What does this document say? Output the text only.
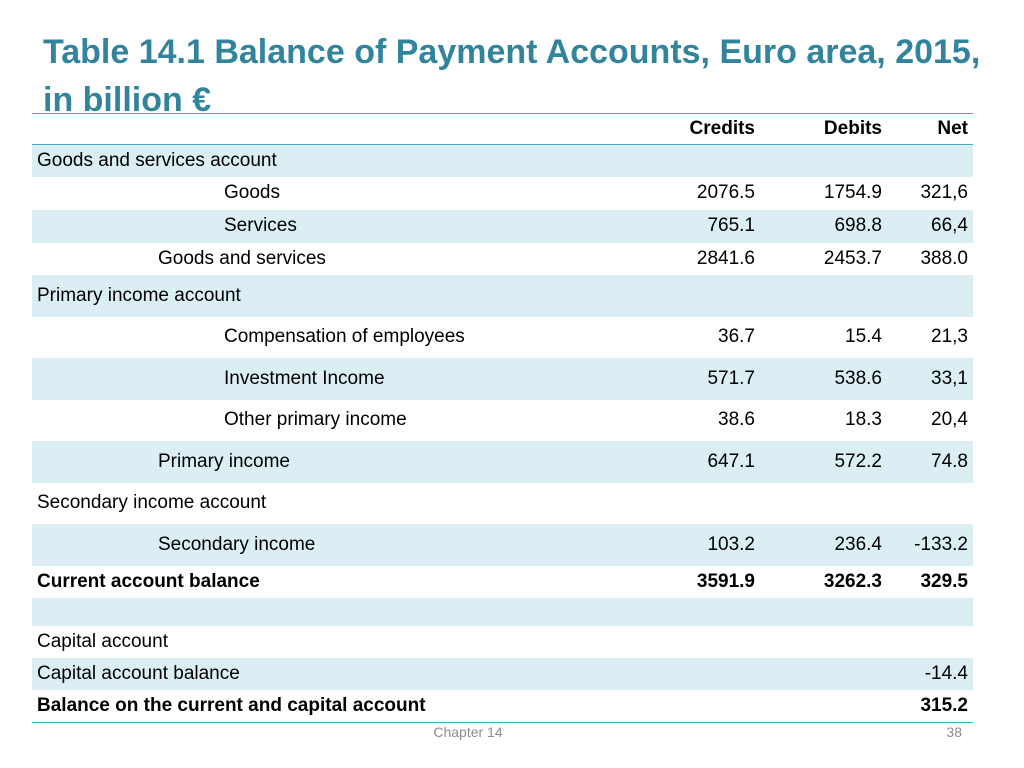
Table 14.1 Balance of Payment Accounts, Euro area, 2015, in billion €
	Credits	Debits	Net
Goods and services account			
Goods	2076.5	1754.9	321,6
Services	765.1	698.8	66,4
Goods and services	2841.6	2453.7	388.0
Primary income account			
Compensation of employees	36.7	15.4	21,3
Investment Income	571.7	538.6	33,1
Other primary income	38.6	18.3	20,4
Primary income	647.1	572.2	74.8
Secondary income account			
Secondary income	103.2	236.4	-133.2
Current account balance	3591.9	3262.3	329.5

Capital account			
Capital account balance			-14.4
Balance on the current and capital account			315.2
Chapter 14	38
